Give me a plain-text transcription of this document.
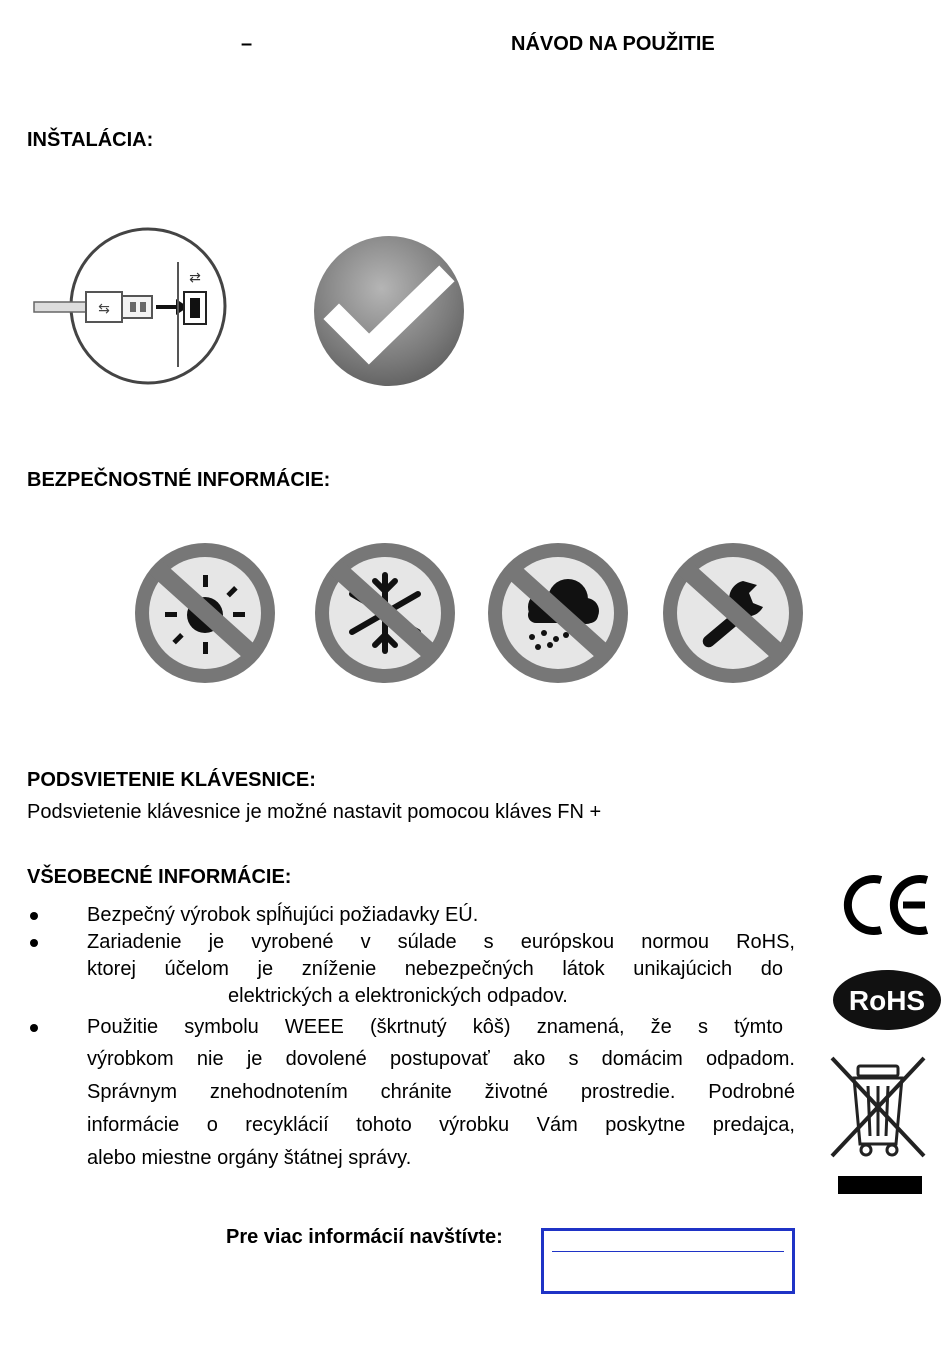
–	NÁVOD NA POUŽITIE
INŠTALÁCIA:
⇆
⇄
BEZPEČNOSTNÉ INFORMÁCIE:
PODSVIETENIE KLÁVESNICE:
Podsvietenie klávesnice je možné nastavit pomocou kláves FN +
VŠEOBECNÉ INFORMÁCIE:
Bezpečný výrobok spĺňujúci požiadavky EÚ.
Zariadenie je vyrobené v súlade s európskou normou RoHS,
ktorej účelom je zníženie nebezpečných látok unikajúcich do
elektrických a elektronických odpadov.
Použitie symbolu WEEE (škrtnutý kôš) znamená, že s týmto
výrobkom nie je dovolené postupovať ako s domácim odpadom.
Správnym znehodnotením chránite životné prostredie. Podrobné
informácie o recyklácií tohoto výrobku Vám poskytne predajca,
alebo miestne orgány štátnej správy.
RoHS
Pre viac informácií navštívte:
